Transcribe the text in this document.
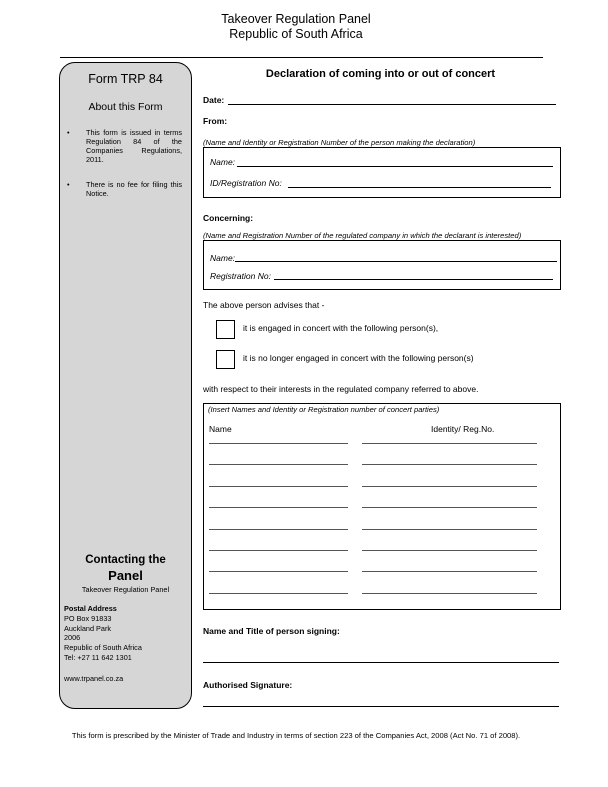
Takeover Regulation Panel
Republic of South Africa
Form TRP 84
About this Form
• This form is issued in terms Regulation 84 of the Companies Regulations, 2011.
• There is no fee for filing this Notice.
Contacting the
Panel
Takeover Regulation Panel
Postal Address
PO Box 91833
Auckland Park
2006
Republic of South Africa
Tel: +27 11 642 1301
www.trpanel.co.za
Declaration of coming into or out of concert
Date:
From:
(Name and Identity or Registration Number of the person making the declaration)
Name:
ID/Registration No:
Concerning:
(Name and Registration Number of the regulated company in which the declarant is interested)
Name:
Registration No:
The above person advises that -
it is engaged in concert with the following person(s),
it is no longer engaged in concert with the following person(s)
with respect to their interests in the regulated company referred to above.
(Insert Names and Identity or Registration number of concert parties)
Name	Identity/ Reg.No.
Name and Title of person signing:
Authorised Signature:
This form is prescribed by the Minister of Trade and Industry in terms of section 223 of the Companies Act, 2008 (Act No. 71 of 2008).
